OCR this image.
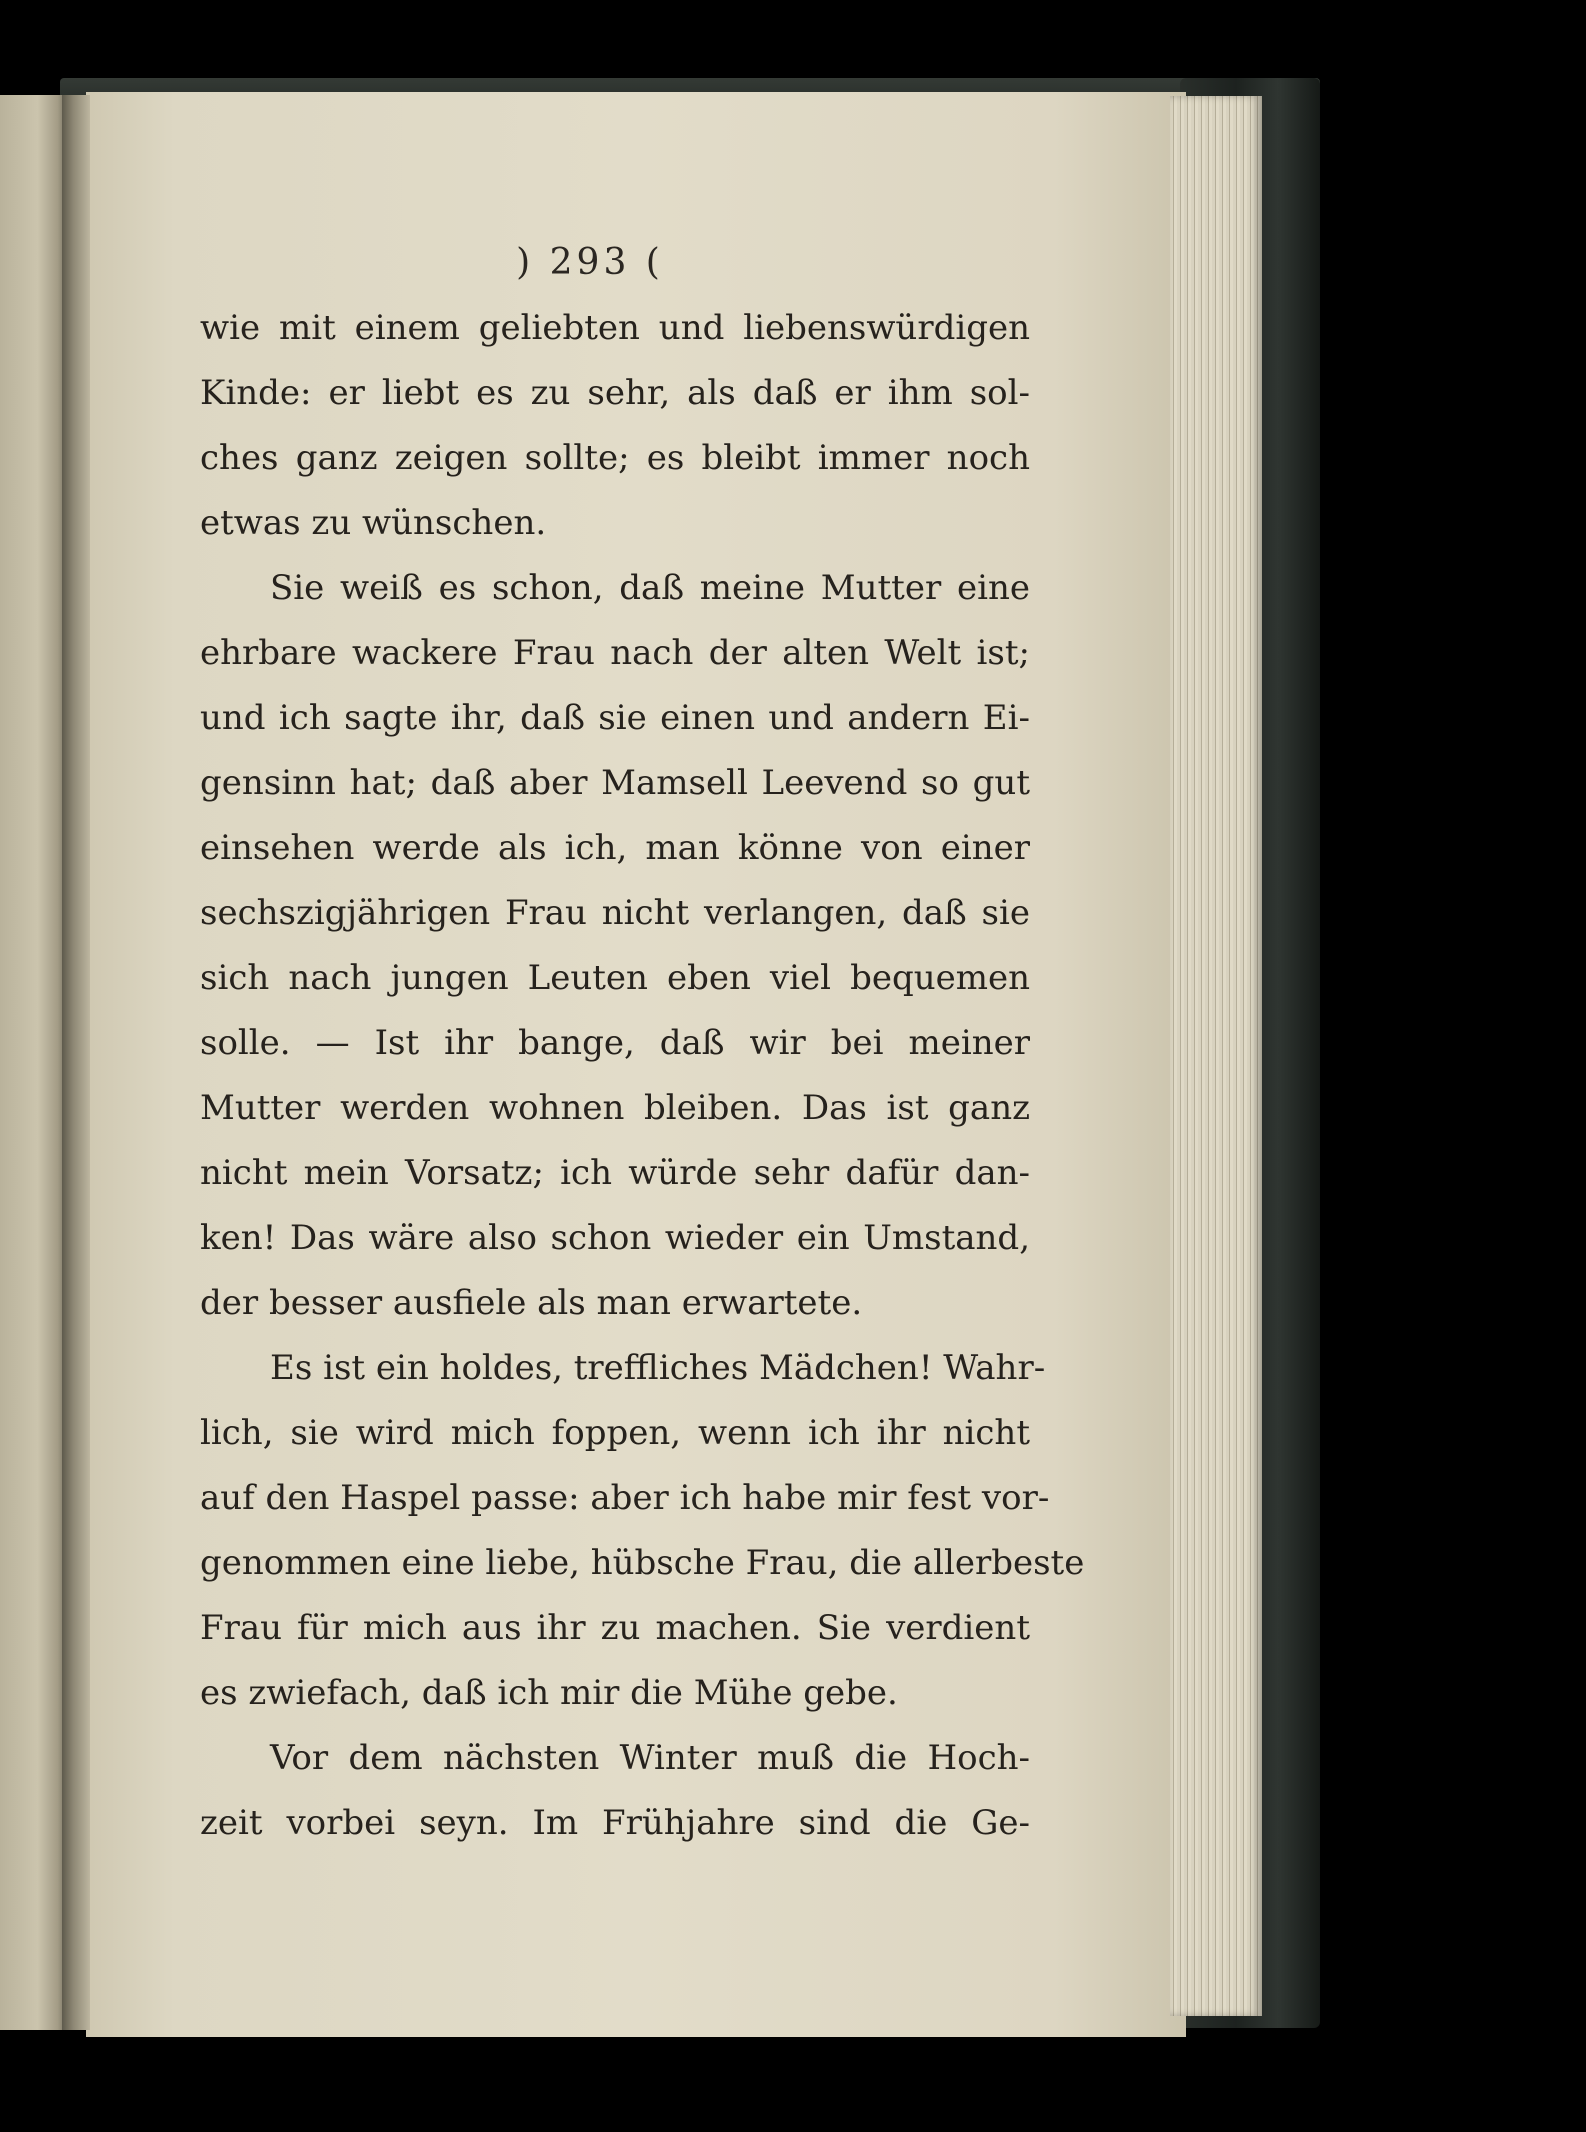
) 293 (
wie mit einem geliebten und liebenswürdigen
Kinde: er liebt es zu sehr, als daß er ihm sol-
ches ganz zeigen sollte; es bleibt immer noch
etwas zu wünschen.
Sie weiß es schon, daß meine Mutter eine
ehrbare wackere Frau nach der alten Welt ist;
und ich sagte ihr, daß sie einen und andern Ei-
gensinn hat; daß aber Mamsell Leevend so gut
einsehen werde als ich, man könne von einer
sechszigjährigen Frau nicht verlangen, daß sie
sich nach jungen Leuten eben viel bequemen
solle. — Ist ihr bange, daß wir bei meiner
Mutter werden wohnen bleiben. Das ist ganz
nicht mein Vorsatz; ich würde sehr dafür dan-
ken! Das wäre also schon wieder ein Umstand,
der besser ausfiele als man erwartete.
Es ist ein holdes, treffliches Mädchen! Wahr-
lich, sie wird mich foppen, wenn ich ihr nicht
auf den Haspel passe: aber ich habe mir fest vor-
genommen eine liebe, hübsche Frau, die allerbeste
Frau für mich aus ihr zu machen. Sie verdient
es zwiefach, daß ich mir die Mühe gebe.
Vor dem nächsten Winter muß die Hoch-
zeit vorbei seyn. Im Frühjahre sind die Ge-
